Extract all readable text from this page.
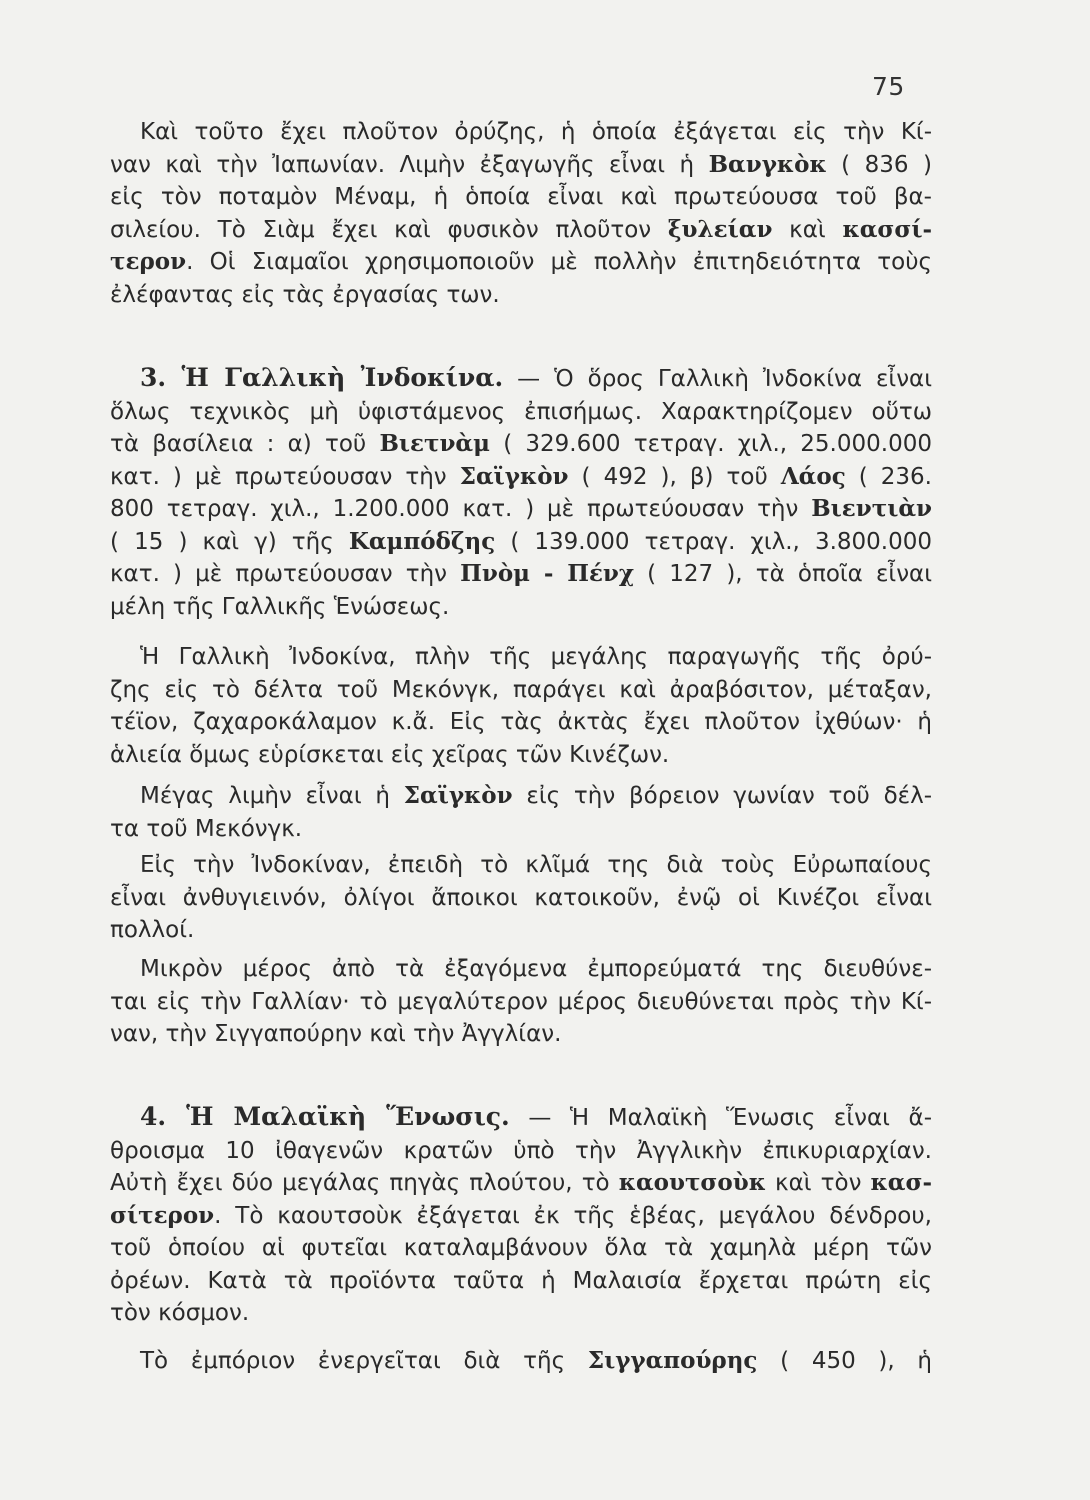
75
Καὶ τοῦτο ἔχει πλοῦτον ὀρύζης, ἡ ὁποία ἐξάγεται εἰς τὴν Κί-
ναν καὶ τὴν Ἰαπωνίαν. Λιμὴν ἐξαγωγῆς εἶναι ἡ Βανγκὸκ ( 836 )
εἰς τὸν ποταμὸν Μέναμ, ἡ ὁποία εἶναι καὶ πρωτεύουσα τοῦ βα-
σιλείου. Τὸ Σιὰμ ἔχει καὶ φυσικὸν πλοῦτον ξυλείαν καὶ κασσί-
τερον. Οἱ Σιαμαῖοι χρησιμοποιοῦν μὲ πολλὴν ἐπιτηδειότητα τοὺς
ἐλέφαντας εἰς τὰς ἐργασίας των.
3. Ἡ Γαλλικὴ Ἰνδοκίνα. — Ὁ ὅρος Γαλλικὴ Ἰνδοκίνα εἶναι
ὅλως τεχνικὸς μὴ ὑφιστάμενος ἐπισήμως. Χαρακτηρίζομεν οὕτω
τὰ βασίλεια : α) τοῦ Βιετνὰμ ( 329.600 τετραγ. χιλ., 25.000.000
κατ. ) μὲ πρωτεύουσαν τὴν Σαϊγκὸν ( 492 ), β) τοῦ Λάος ( 236.
800 τετραγ. χιλ., 1.200.000 κατ. ) μὲ πρωτεύουσαν τὴν Βιεντιὰν
( 15 ) καὶ γ) τῆς Καμπόδζης ( 139.000 τετραγ. χιλ., 3.800.000
κατ. ) μὲ πρωτεύουσαν τὴν Πνὸμ - Πένχ ( 127 ), τὰ ὁποῖα εἶναι
μέλη τῆς Γαλλικῆς Ἑνώσεως.
Ἡ Γαλλικὴ Ἰνδοκίνα, πλὴν τῆς μεγάλης παραγωγῆς τῆς ὀρύ-
ζης εἰς τὸ δέλτα τοῦ Μεκόνγκ, παράγει καὶ ἀραβόσιτον, μέταξαν,
τέϊον, ζαχαροκάλαμον κ.ἄ. Εἰς τὰς ἀκτὰς ἔχει πλοῦτον ἰχθύων· ἡ
ἁλιεία ὅμως εὑρίσκεται εἰς χεῖρας τῶν Κινέζων.
Μέγας λιμὴν εἶναι ἡ Σαϊγκὸν εἰς τὴν βόρειον γωνίαν τοῦ δέλ-
τα τοῦ Μεκόνγκ.
Εἰς τὴν Ἰνδοκίναν, ἐπειδὴ τὸ κλῖμά της διὰ τοὺς Εὐρωπαίους
εἶναι ἀνθυγιεινόν, ὀλίγοι ἄποικοι κατοικοῦν, ἐνῷ οἱ Κινέζοι εἶναι
πολλοί.
Μικρὸν μέρος ἀπὸ τὰ ἐξαγόμενα ἐμπορεύματά της διευθύνε-
ται εἰς τὴν Γαλλίαν· τὸ μεγαλύτερον μέρος διευθύνεται πρὸς τὴν Κί-
ναν, τὴν Σιγγαπούρην καὶ τὴν Ἀγγλίαν.
4. Ἡ Μαλαϊκὴ Ἕνωσις. — Ἡ Μαλαϊκὴ Ἕνωσις εἶναι ἄ-
θροισμα 10 ἰθαγενῶν κρατῶν ὑπὸ τὴν Ἀγγλικὴν ἐπικυριαρχίαν.
Αὐτὴ ἔχει δύο μεγάλας πηγὰς πλούτου, τὸ καουτσοὺκ καὶ τὸν κασ-
σίτερον. Τὸ καουτσοὺκ ἐξάγεται ἐκ τῆς ἑβέας, μεγάλου δένδρου,
τοῦ ὁποίου αἱ φυτεῖαι καταλαμβάνουν ὅλα τὰ χαμηλὰ μέρη τῶν
ὀρέων. Κατὰ τὰ προϊόντα ταῦτα ἡ Μαλαισία ἔρχεται πρώτη εἰς
τὸν κόσμον.
Τὸ ἐμπόριον ἐνεργεῖται διὰ τῆς Σιγγαπούρης ( 450 ), ἡ
